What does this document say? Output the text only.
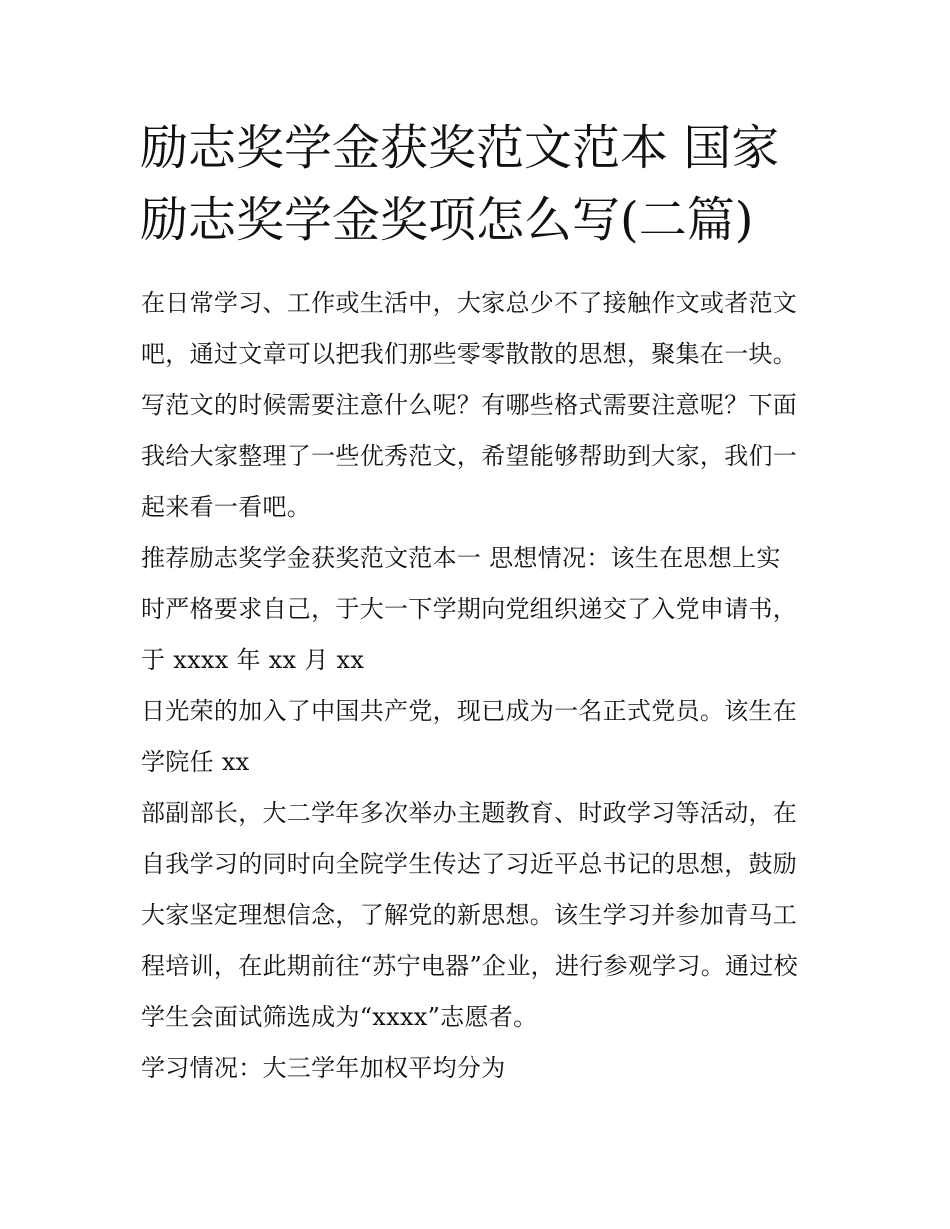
励志奖学金获奖范文范本 国家
励志奖学金奖项怎么写(二篇)
在日常学习、工作或生活中，大家总少不了接触作文或者范文
吧，通过文章可以把我们那些零零散散的思想，聚集在一块。
写范文的时候需要注意什么呢？有哪些格式需要注意呢？下面
我给大家整理了一些优秀范文，希望能够帮助到大家，我们一
起来看一看吧。
推荐励志奖学金获奖范文范本一 思想情况：该生在思想上实
时严格要求自己，于大一下学期向党组织递交了入党申请书，
于 xxxx 年 xx 月 xx
日光荣的加入了中国共产党，现已成为一名正式党员。该生在
学院任 xx
部副部长，大二学年多次举办主题教育、时政学习等活动，在
自我学习的同时向全院学生传达了习近平总书记的思想，鼓励
大家坚定理想信念，了解党的新思想。该生学习并参加青马工
程培训，在此期前往“苏宁电器”企业，进行参观学习。通过校
学生会面试筛选成为“xxxx”志愿者。
学习情况：大三学年加权平均分为
